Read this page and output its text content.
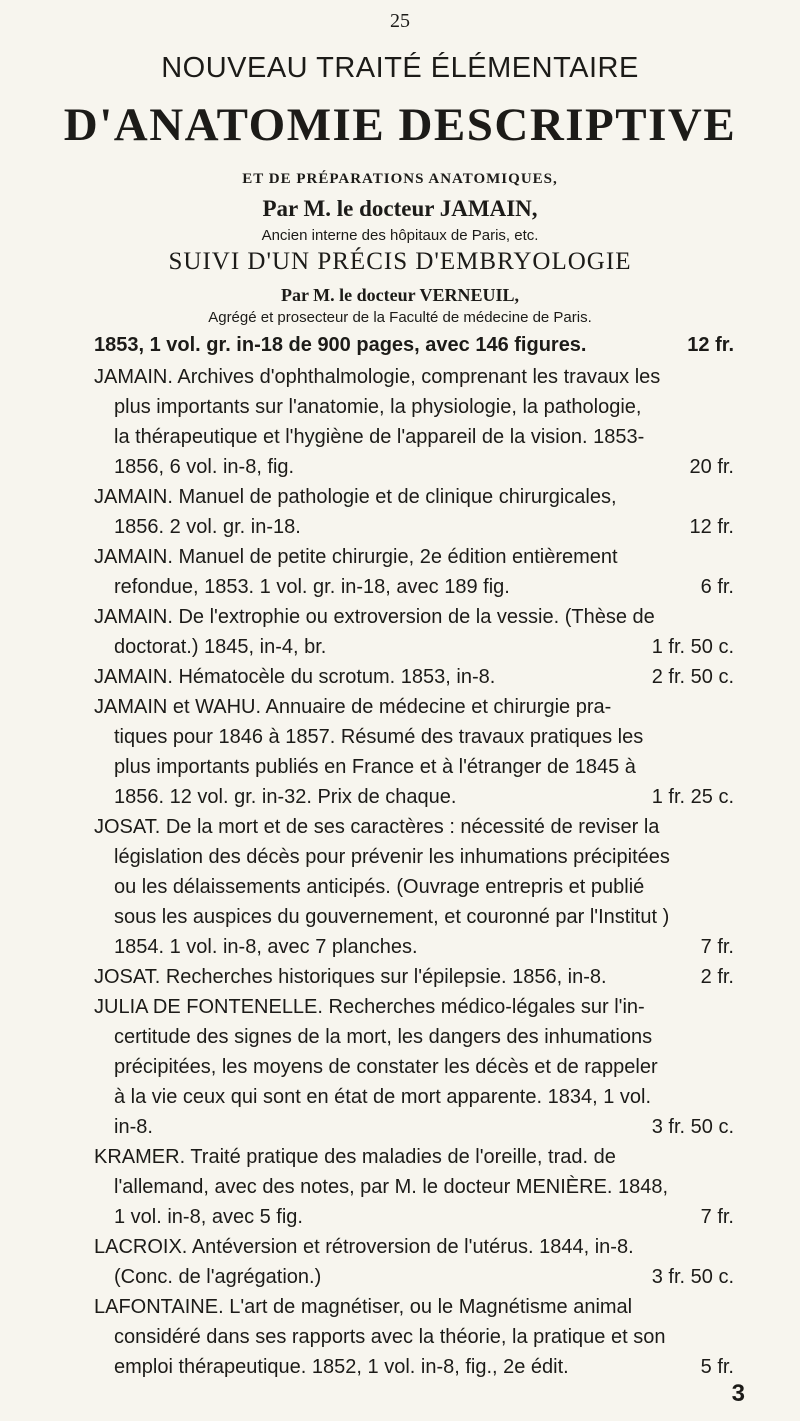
25
NOUVEAU TRAITÉ ÉLÉMENTAIRE
D'ANATOMIE DESCRIPTIVE
ET DE PRÉPARATIONS ANATOMIQUES,
Par M. le docteur JAMAIN,
Ancien interne des hôpitaux de Paris, etc.
SUIVI D'UN PRÉCIS D'EMBRYOLOGIE
Par M. le docteur VERNEUIL,
Agrégé et prosecteur de la Faculté de médecine de Paris.
1853, 1 vol. gr. in-18 de 900 pages, avec 146 figures.	12 fr.
JAMAIN. Archives d'ophthalmologie, comprenant les travaux les
plus importants sur l'anatomie, la physiologie, la pathologie,
la thérapeutique et l'hygiène de l'appareil de la vision. 1853-
1856, 6 vol. in-8, fig.	20 fr.
JAMAIN. Manuel de pathologie et de clinique chirurgicales,
1856. 2 vol. gr. in-18.	12 fr.
JAMAIN. Manuel de petite chirurgie, 2e édition entièrement
refondue, 1853. 1 vol. gr. in-18, avec 189 fig.	6 fr.
JAMAIN. De l'extrophie ou extroversion de la vessie. (Thèse de
doctorat.) 1845, in-4, br.	1 fr. 50 c.
JAMAIN. Hématocèle du scrotum. 1853, in-8.	2 fr. 50 c.
JAMAIN et WAHU. Annuaire de médecine et chirurgie pra-
tiques pour 1846 à 1857. Résumé des travaux pratiques les
plus importants publiés en France et à l'étranger de 1845 à
1856. 12 vol. gr. in-32. Prix de chaque.	1 fr. 25 c.
JOSAT. De la mort et de ses caractères : nécessité de reviser la
législation des décès pour prévenir les inhumations précipitées
ou les délaissements anticipés. (Ouvrage entrepris et publié
sous les auspices du gouvernement, et couronné par l'Institut )
1854. 1 vol. in-8, avec 7 planches.	7 fr.
JOSAT. Recherches historiques sur l'épilepsie. 1856, in-8.	2 fr.
JULIA DE FONTENELLE. Recherches médico-légales sur l'in-
certitude des signes de la mort, les dangers des inhumations
précipitées, les moyens de constater les décès et de rappeler
à la vie ceux qui sont en état de mort apparente. 1834, 1 vol.
in-8.	3 fr. 50 c.
KRAMER. Traité pratique des maladies de l'oreille, trad. de
l'allemand, avec des notes, par M. le docteur MENIÈRE. 1848,
1 vol. in-8, avec 5 fig.	7 fr.
LACROIX. Antéversion et rétroversion de l'utérus. 1844, in-8.
(Conc. de l'agrégation.)	3 fr. 50 c.
LAFONTAINE. L'art de magnétiser, ou le Magnétisme animal
considéré dans ses rapports avec la théorie, la pratique et son
emploi thérapeutique. 1852, 1 vol. in-8, fig., 2e édit.	5 fr.
3
